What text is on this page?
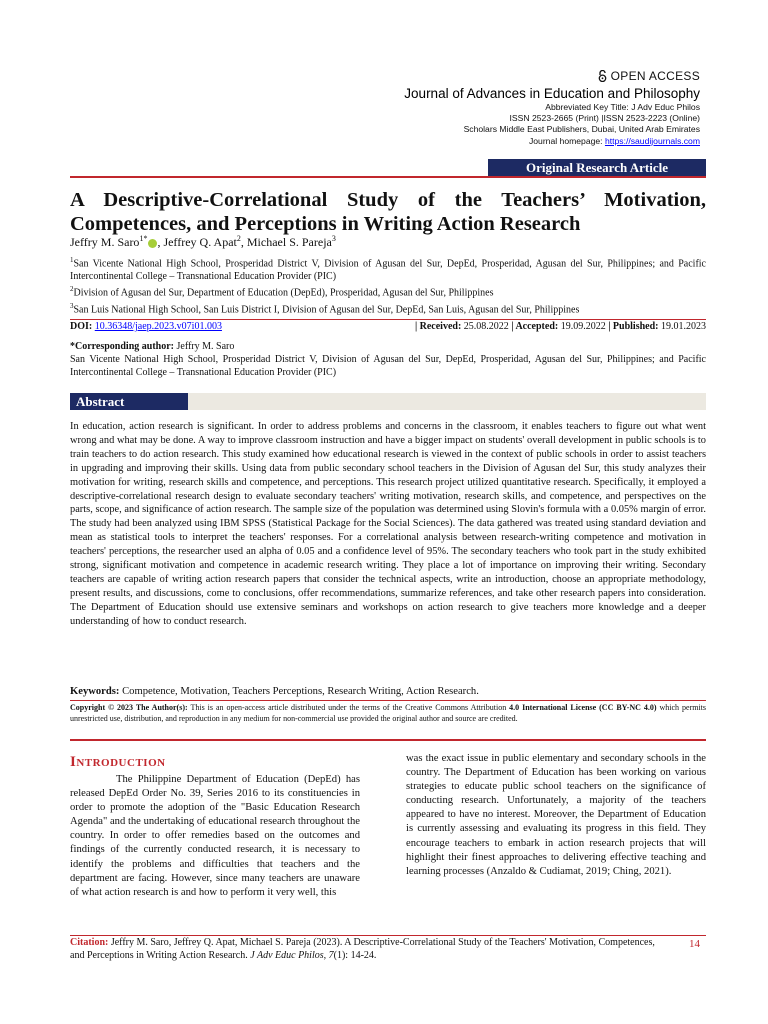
OPEN ACCESS
Journal of Advances in Education and Philosophy
Abbreviated Key Title: J Adv Educ Philos
ISSN 2523-2665 (Print) |ISSN 2523-2223 (Online)
Scholars Middle East Publishers, Dubai, United Arab Emirates
Journal homepage: https://saudijournals.com
Original Research Article
A Descriptive-Correlational Study of the Teachers’ Motivation,
Competences, and Perceptions in Writing Action Research
Jeffry M. Saro$^{1*}$ , Jeffrey Q. Apat$^2$, Michael S. Pareja$^3$
$^1$San Vicente National High School, Prosperidad District V, Division of Agusan del Sur, DepEd, Prosperidad, Agusan del Sur, Philippines; and Pacific Intercontinental College – Transnational Education Provider (PIC)
$^2$Division of Agusan del Sur, Department of Education (DepEd), Prosperidad, Agusan del Sur, Philippines
$^3$San Luis National High School, San Luis District I, Division of Agusan del Sur, DepEd, San Luis, Agusan del Sur, Philippines
DOI: 10.36348/jaep.2023.v07i01.003	| Received: 25.08.2022 | Accepted: 19.09.2022 | Published: 19.01.2023
*Corresponding author: Jeffry M. Saro
San Vicente National High School, Prosperidad District V, Division of Agusan del Sur, DepEd, Prosperidad, Agusan del Sur, Philippines; and Pacific Intercontinental College – Transnational Education Provider (PIC)
Abstract
In education, action research is significant. In order to address problems and concerns in the classroom, it enables teachers to figure out what went wrong and what may be done. A way to improve classroom instruction and have a bigger impact on students' overall development in public schools is to train teachers to do action research. This study examined how educational research is viewed in the context of public schools in order to assist teachers in upgrading and improving their skills. Using data from public secondary school teachers in the Division of Agusan del Sur, this study analyzes their motivation for writing, research skills and competence, and perceptions. This research project utilized quantitative research. Specifically, it employed a descriptive-correlational research design to evaluate secondary teachers' writing motivation, research skills, and competence, and perspectives on the parts, scope, and significance of action research. The sample size of the population was determined using Slovin's formula with a 0.05% margin of error. The study had been analyzed using IBM SPSS (Statistical Package for the Social Sciences). The data gathered was treated using standard deviation and mean as statistical tools to interpret the teachers' responses. For a correlational analysis between research-writing competence and motivation in teachers' perceptions, the researcher used an alpha of 0.05 and a confidence level of 95%. The secondary teachers who took part in the study exhibited strong, significant motivation and competence in academic research writing. They place a lot of importance on improving their writing. Secondary teachers are capable of writing action research papers that consider the technical aspects, write an introduction, choose an appropriate methodology, present results, and discussions, come to conclusions, offer recommendations, summarize references, and take other research papers into consideration. The Department of Education should use extensive seminars and workshops on action research to give teachers more knowledge and a deeper understanding of how to conduct research.
Keywords: Competence, Motivation, Teachers Perceptions, Research Writing, Action Research.
Copyright © 2023 The Author(s): This is an open-access article distributed under the terms of the Creative Commons Attribution 4.0 International License (CC BY-NC 4.0) which permits unrestricted use, distribution, and reproduction in any medium for non-commercial use provided the original author and source are credited.
Introduction

The Philippine Department of Education (DepEd) has released DepEd Order No. 39, Series 2016 to its constituencies in order to promote the adoption of the "Basic Education Research Agenda" and the undertaking of educational research throughout the country. In order to offer remedies based on the outcomes and findings of the currently conducted research, it is necessary to identify the problems and difficulties that teachers and the department are facing. However, since many teachers are unaware of what action research is and how to perform it very well, this

was the exact issue in public elementary and secondary schools in the country. The Department of Education has been working on various strategies to educate public school teachers on the significance of conducting research. Unfortunately, a majority of the teachers appeared to have no interest. Moreover, the Department of Education is currently assessing and evaluating its progress in this field. They encourage teachers to embark in action research projects that will highlight their finest approaches to delivering effective teaching and learning processes (Anzaldo & Cudiamat, 2019; Ching, 2021).

Citation: Jeffry M. Saro, Jeffrey Q. Apat, Michael S. Pareja (2023). A Descriptive-Correlational Study of the Teachers' Motivation, Competences, and Perceptions in Writing Action Research. J Adv Educ Philos, 7(1): 14-24.
14
